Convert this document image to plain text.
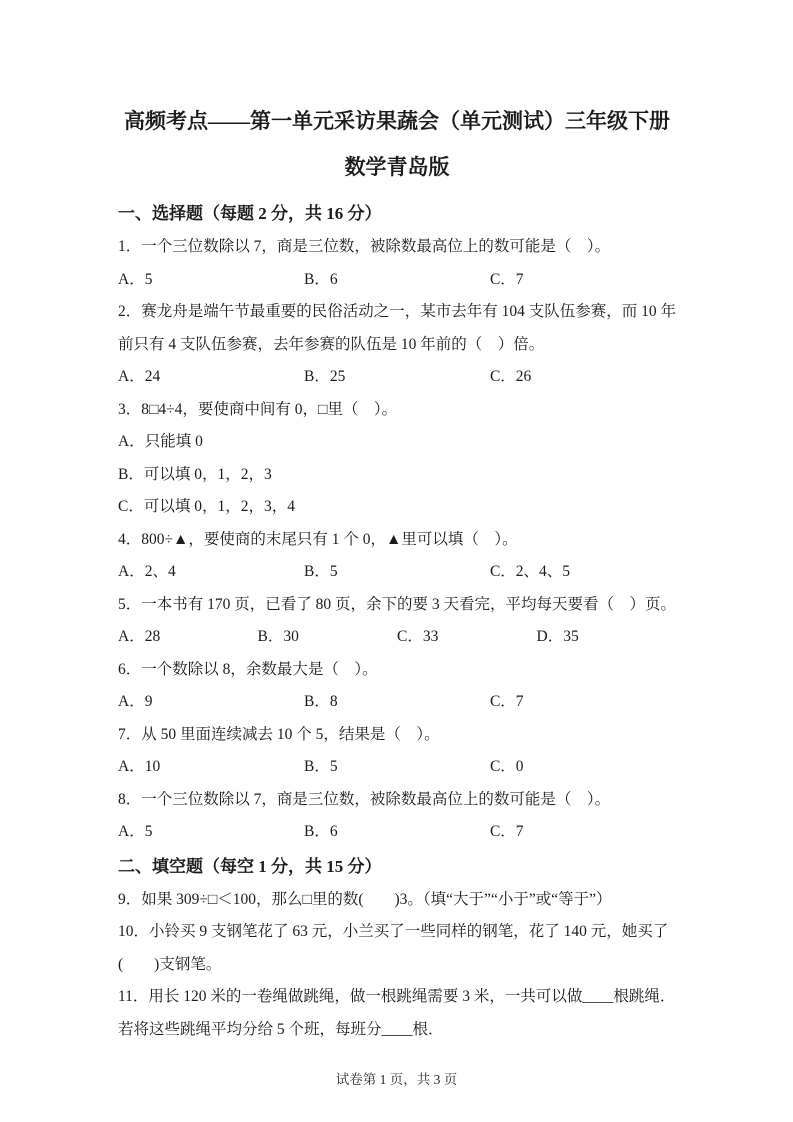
高频考点——第一单元采访果蔬会（单元测试）三年级下册
数学青岛版

一、选择题（每题 2 分，共 16 分）

1．一个三位数除以 7，商是三位数，被除数最高位上的数可能是（　）。

A．5	B．6	C．7

2．赛龙舟是端午节最重要的民俗活动之一，某市去年有 104 支队伍参赛，而 10 年前只有 4 支队伍参赛，去年参赛的队伍是 10 年前的（　）倍。

A．24	B．25	C．26

3．8□4÷4，要使商中间有 0，□里（　）。

A．只能填 0
B．可以填 0，1，2，3
C．可以填 0，1，2，3，4

4．800÷▲，要使商的末尾只有 1 个 0，▲里可以填（　）。

A．2、4	B．5	C．2、4、5

5．一本书有 170 页，已看了 80 页，余下的要 3 天看完，平均每天要看（　）页。

A．28	B．30	C．33	D．35

6．一个数除以 8，余数最大是（　）。

A．9	B．8	C．7

7．从 50 里面连续减去 10 个 5，结果是（　）。

A．10	B．5	C．0

8．一个三位数除以 7，商是三位数，被除数最高位上的数可能是（　）。

A．5	B．6	C．7

二、填空题（每空 1 分，共 15 分）

9．如果 309÷□＜100，那么□里的数(        )3。（填“大于”“小于”或“等于”）

10．小铃买 9 支钢笔花了 63 元，小兰买了一些同样的钢笔，花了 140 元，她买了(        )支钢笔。

11．用长 120 米的一卷绳做跳绳，做一根跳绳需要 3 米，一共可以做____根跳绳．若将这些跳绳平均分给 5 个班，每班分____根．

试卷第 1 页，共 3 页
